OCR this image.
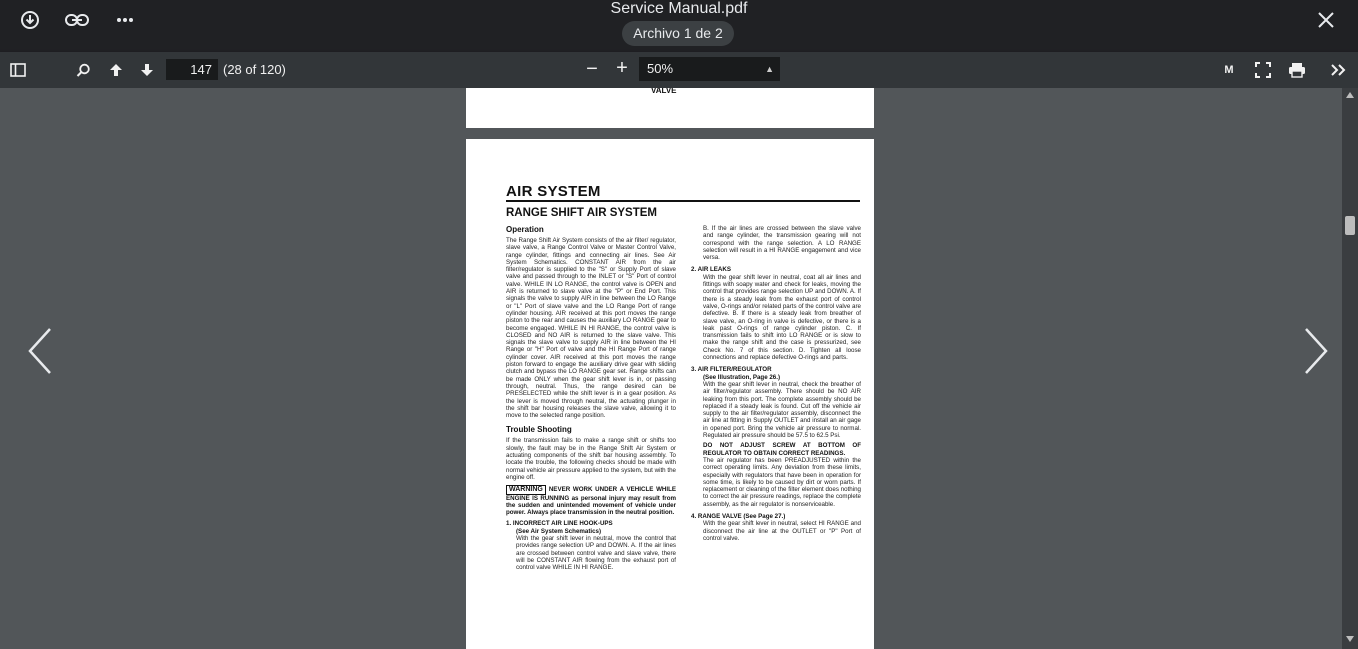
Service Manual.pdf
Archivo 1 de 2
147
(28 of 120)	− +	50%	▲	M
VALVE
AIR SYSTEM
RANGE SHIFT AIR SYSTEM
Operation
The Range Shift Air System consists of the air filter/ regulator, slave valve, a Range Control Valve or Master Control Valve, range cylinder, fittings and connecting air lines. See Air System Schematics. CONSTANT AIR from the air filter/regulator is supplied to the "S" or Supply Port of slave valve and passed through to the INLET or "S" Port of control valve. WHILE IN LO RANGE, the control valve is OPEN and AIR is returned to slave valve at the "P" or End Port. This signals the valve to supply AIR in line between the LO Range or "L" Port of slave valve and the LO Range Port of range cylinder housing. AIR received at this port moves the range piston to the rear and causes the auxiliary LO RANGE gear to become engaged. WHILE IN HI RANGE, the control valve is CLOSED and NO AIR is returned to the slave valve. This signals the slave valve to supply AIR in line between the HI Range or "H" Port of valve and the HI Range Port of range cylinder cover. AIR received at this port moves the range piston forward to engage the auxiliary drive gear with sliding clutch and bypass the LO RANGE gear set. Range shifts can be made ONLY when the gear shift lever is in, or passing through, neutral. Thus, the range desired can be PRESELECTED while the shift lever is in a gear position. As the lever is moved through neutral, the actuating plunger in the shift bar housing releases the slave valve, allowing it to move to the selected range position.
Trouble Shooting
If the transmission fails to make a range shift or shifts too slowly, the fault may be in the Range Shift Air System or actuating components of the shift bar housing assembly. To locate the trouble, the following checks should be made with normal vehicle air pressure applied to the system, but with the engine off.
WARNING NEVER WORK UNDER A VEHICLE WHILE ENGINE IS RUNNING as personal injury may result from the sudden and unintended movement of vehicle under power. Always place transmission in the neutral position.
1. INCORRECT AIR LINE HOOK-UPS
(See Air System Schematics)
With the gear shift lever in neutral, move the control that provides range selection UP and DOWN. A. If the air lines are crossed between control valve and slave valve, there will be CONSTANT AIR flowing from the exhaust port of control valve WHILE IN HI RANGE.
B. If the air lines are crossed between the slave valve and range cylinder, the transmission gearing will not correspond with the range selection. A LO RANGE selection will result in a HI RANGE engagement and vice versa.
2. AIR LEAKS
With the gear shift lever in neutral, coat all air lines and fittings with soapy water and check for leaks, moving the control that provides range selection UP and DOWN. A. If there is a steady leak from the exhaust port of control valve, O-rings and/or related parts of the control valve are defective. B. If there is a steady leak from breather of slave valve, an O-ring in valve is defective, or there is a leak past O-rings of range cylinder piston. C. If transmission fails to shift into LO RANGE or is slow to make the range shift and the case is pressurized, see Check No. 7 of this section. D. Tighten all loose connections and replace defective O-rings and parts.
3. AIR FILTER/REGULATOR
(See Illustration, Page 26.)
With the gear shift lever in neutral, check the breather of air filter/regulator assembly. There should be NO AIR leaking from this port. The complete assembly should be replaced if a steady leak is found. Cut off the vehicle air supply to the air filter/regulator assembly, disconnect the air line at fitting in Supply OUTLET and install an air gage in opened port. Bring the vehicle air pressure to normal. Regulated air pressure should be 57.5 to 62.5 Psi.
DO NOT ADJUST SCREW AT BOTTOM OF REGULATOR TO OBTAIN CORRECT READINGS.
The air regulator has been PREADJUSTED within the correct operating limits. Any deviation from these limits, especially with regulators that have been in operation for some time, is likely to be caused by dirt or worn parts. If replacement or cleaning of the filter element does nothing to correct the air pressure readings, replace the complete assembly, as the air regulator is nonserviceable.
4. RANGE VALVE (See Page 27.)
With the gear shift lever in neutral, select HI RANGE and disconnect the air line at the OUTLET or "P" Port of control valve.
